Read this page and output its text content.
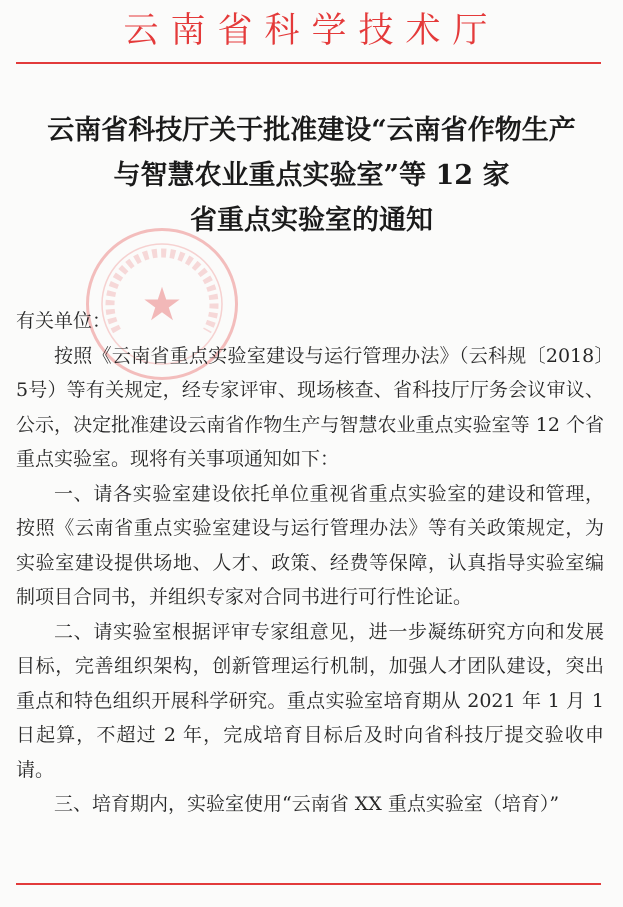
云南省科学技术厅
★
云南省科技厅关于批准建设“云南省作物生产
与智慧农业重点实验室”等 12 家
省重点实验室的通知
有关单位：
按照《云南省重点实验室建设与运行管理办法》（云科规〔2018〕5号）等有关规定，经专家评审、现场核查、省科技厅厅务会议审议、公示，决定批准建设云南省作物生产与智慧农业重点实验室等 12 个省重点实验室。现将有关事项通知如下：
一、请各实验室建设依托单位重视省重点实验室的建设和管理，按照《云南省重点实验室建设与运行管理办法》等有关政策规定，为实验室建设提供场地、人才、政策、经费等保障，认真指导实验室编制项目合同书，并组织专家对合同书进行可行性论证。
二、请实验室根据评审专家组意见，进一步凝练研究方向和发展目标，完善组织架构，创新管理运行机制，加强人才团队建设，突出重点和特色组织开展科学研究。重点实验室培育期从 2021 年 1 月 1 日起算，不超过 2 年，完成培育目标后及时向省科技厅提交验收申请。
三、培育期内，实验室使用“云南省 XX 重点实验室（培育）”
